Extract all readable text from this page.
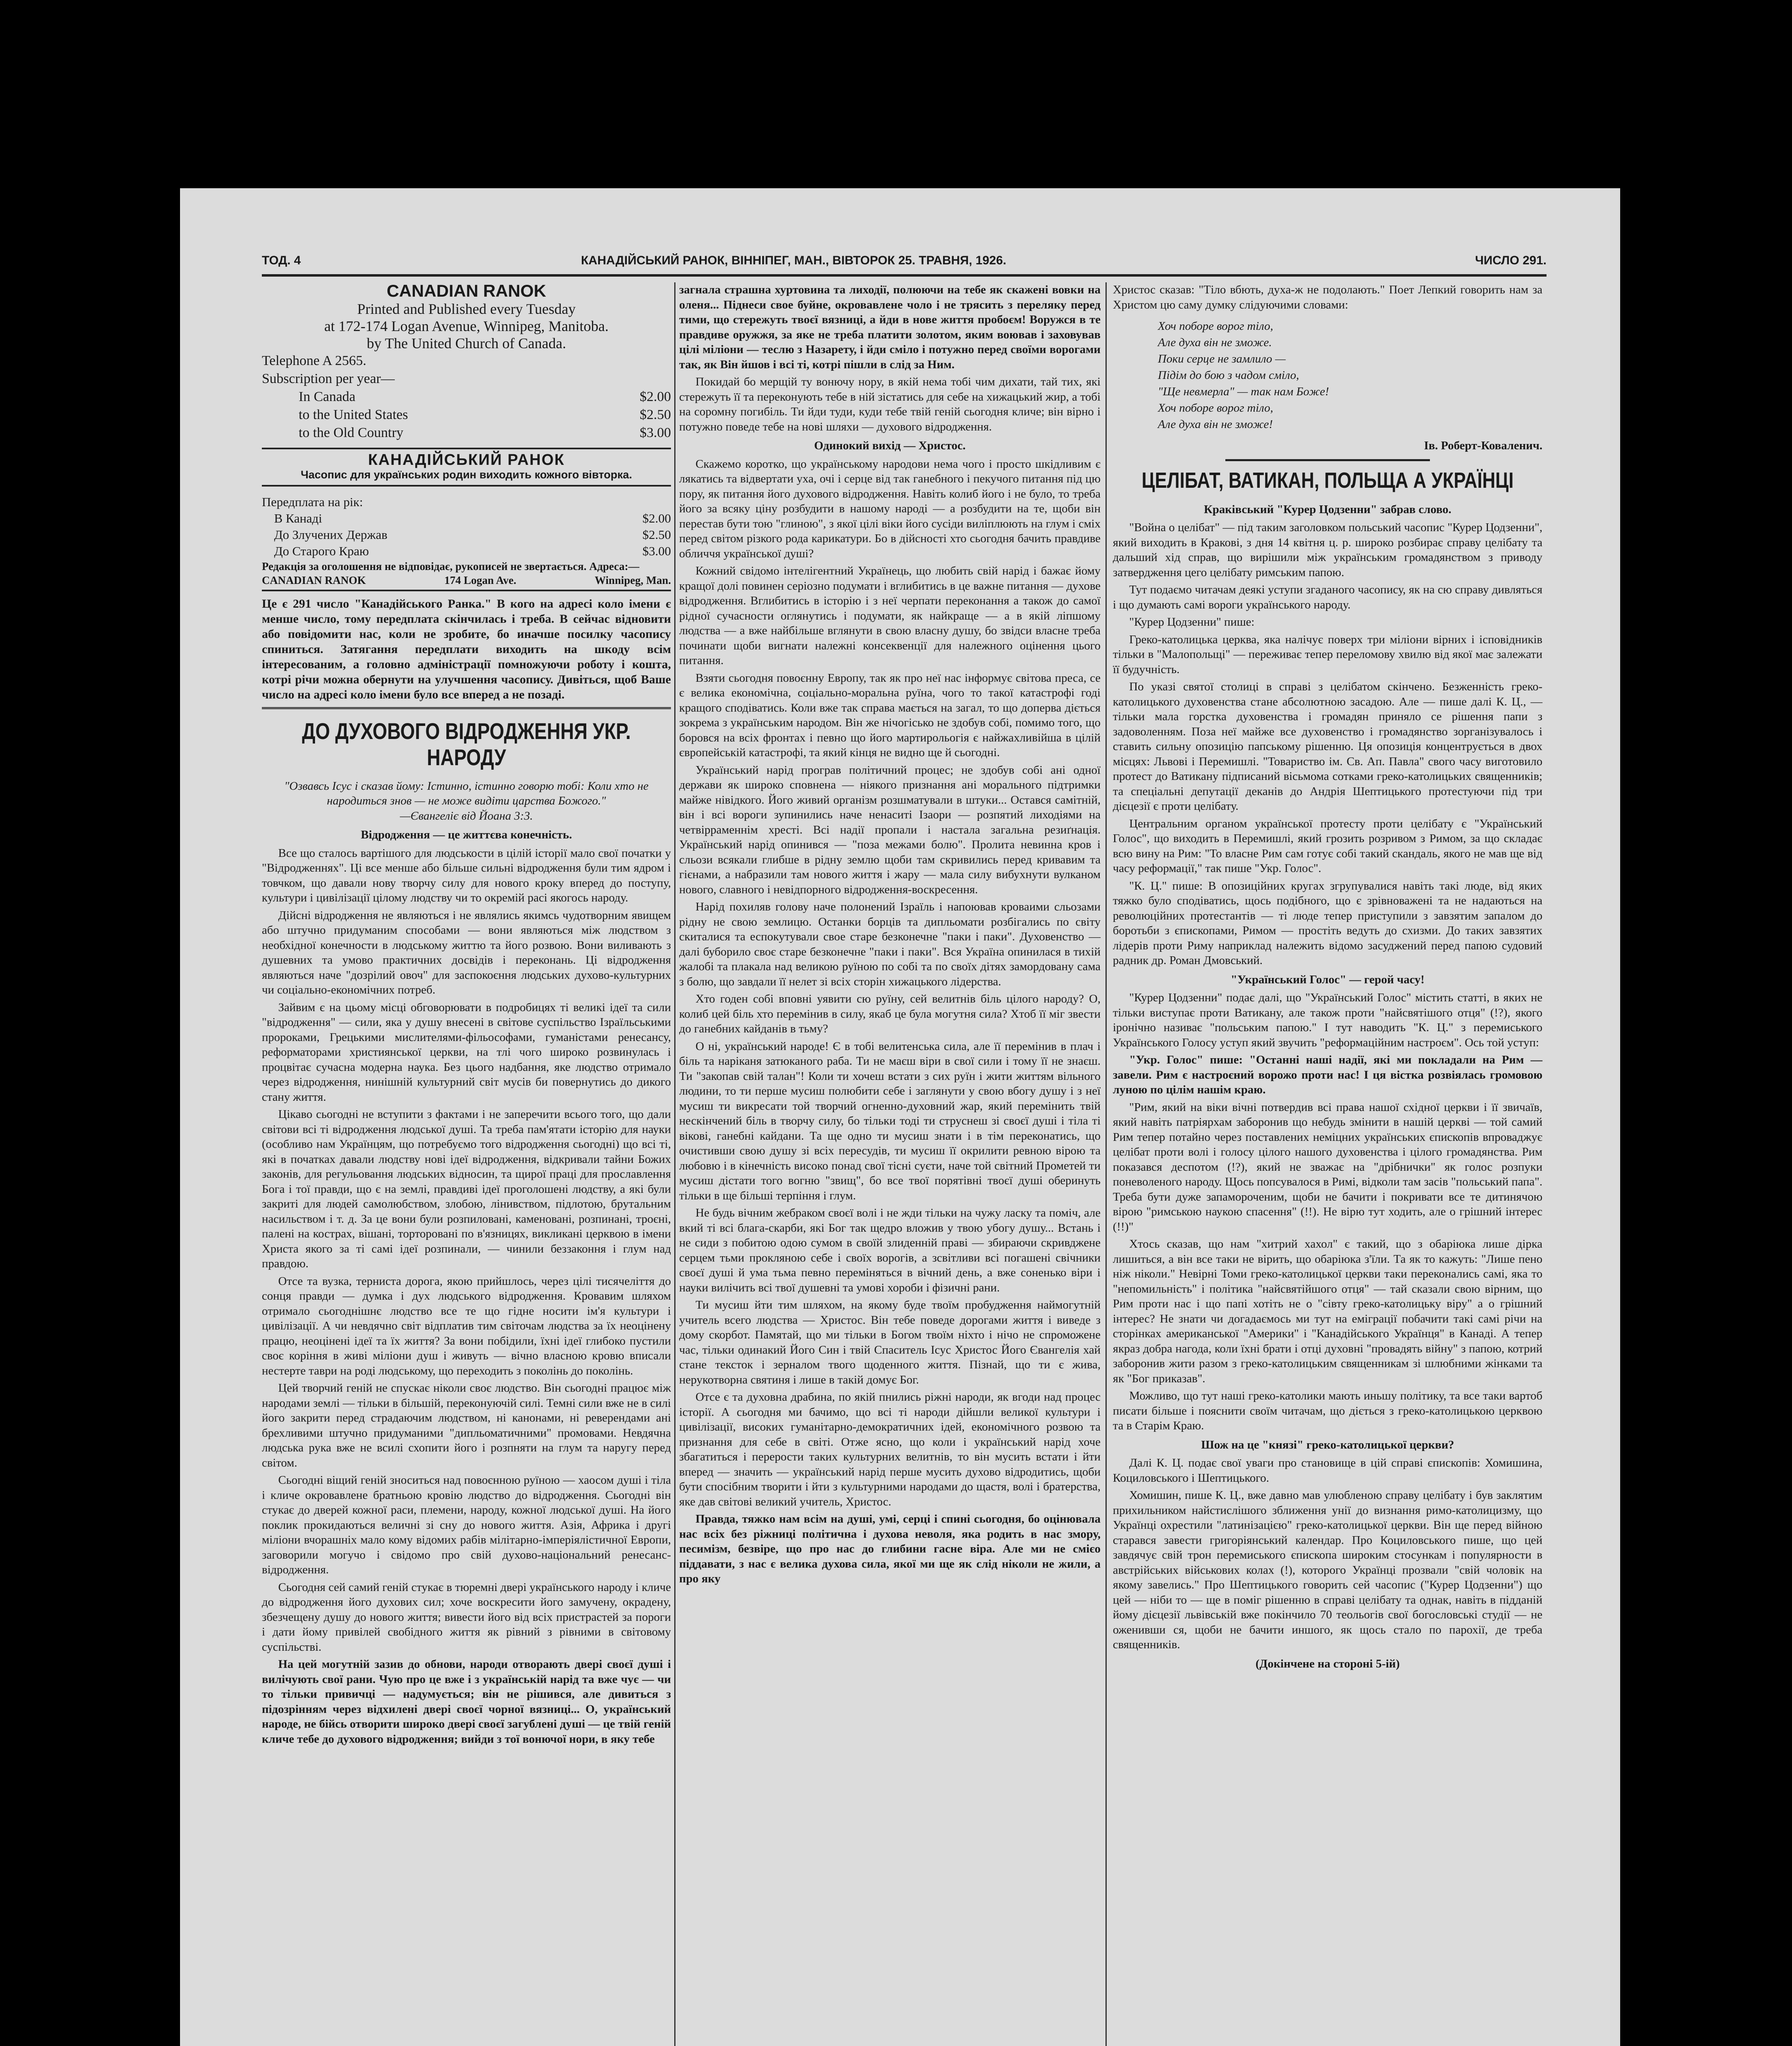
ТОД. 4	КАНАДІЙСЬКИЙ РАНОК, ВІННІПЕГ, МАН., ВІВТОРОК 25. ТРАВНЯ, 1926.	ЧИСЛО 291.
CANADIAN RANOK
Printed and Published every Tuesday
at 172-174 Logan Avenue, Winnipeg, Manitoba.
by The United Church of Canada.
Telephone A 2565.
Subscription per year—
In Canada	$2.00
to the United States	$2.50
to the Old Country	$3.00
КАНАДІЙСЬКИЙ РАНОК
Часопис для українських родин виходить кожного вівторка.
Передплата на рік:
В Канаді	$2.00
До Злучених Держав	$2.50
До Старого Краю	$3.00
Редакція за оголошення не відповідає, рукописей не звертається. Адреса:—
CANADIAN RANOK	174 Logan Ave.	Winnipeg, Man.
Це є 291 число "Канадійського Ранка." В кого на адресі коло імени є менше число, тому передплата скінчилась і треба. В сейчас відновити або повідомити нас, коли не зробите, бо иначше посилку часопису спиниться. Затягання передплати виходить на шкоду всім інтересованим, а головно адміністрації помножуючи роботу і кошта, котрі річи можна обернути на улучшення часопису. Дивіться, щоб Ваше число на адресі коло імени було все вперед а не позаді.
ДО ДУХОВОГО ВІДРОДЖЕННЯ УКР. НАРОДУ
"Озвавсь Ісус і сказав йому: Істинно, істинно говорю тобі: Коли хто не народиться знов — не може видіти царства Божого."
—Євангеліє від Йоана 3:3.

Відродження — це життєва конечність.

Все що сталось вартішого для людськости в цілій історії мало свої початки у "Відродженнях". Ці все менше або більше сильні відродження були тим ядром і товчком, що давали нову творчу силу для нового кроку вперед до поступу, культури і цивілізації цілому людству чи то окремій расі якогось народу.

Дійсні відродження не являються і не являлись якимсь чудотворним явищем або штучно придуманим способами — вони являються між людством з необхідної конечности в людському життю та його розвою. Вони виливають з душевних та умово практичних досвідів і переконань. Ці відродження являються наче "дозрілий овоч" для заспокоєння людських духово-культурних чи соціально-економічних потреб.

Зайвим є на цьому місці обговорювати в подробицях ті великі ідеї та сили "відродження" — сили, яка у душу внесені в світове суспільство Ізраїльськими пророками, Грецькими мислителями-фільософами, гуманістами ренесансу, реформаторами християнської церкви, на тлі чого широко розвинулась і процвітає сучасна модерна наука. Без цього надбання, яке людство отримало через відродження, нинішній культурний світ мусів би повернутись до дикого стану життя.

Цікаво сьогодні не вступити з фактами і не заперечити всього того, що дали світови всі ті відродження людської душі. Та треба пам'ятати історію для науки (особливо нам Українцям, що потребуємо того відродження сьогодні) що всі ті, які в початках давали людству нові ідеї відродження, відкривали тайни Божих законів, для регульовання людських відносин, та щирої праці для прославлення Бога і тої правди, що є на землі, правдиві ідеї проголошені людству, а які були закриті для людей самолюбством, злобою, лінивством, підлотою, брутальним насильством і т. д. За це вони були розпиловані, каменовані, розпинані, троєні, палені на кострах, вішані, торторовані по в'язницях, викликані церквою в імени Христа якого за ті самі ідеї розпинали, — чинили беззаконня і глум над правдою.

Отсе та вузка, терниста дорога, якою прийшлось, через цілі тисячеліття до сонця правди — думка і дух людського відродження. Кровавим шляхом отримало сьогоднішнє людство все те що гідне носити ім'я культури і цивілізації. А чи невдячно світ відплатив тим світочам людства за їх неоцінену працю, неоцінені ідеї та їх життя? За вони побідили, їхні ідеї глибоко пустили своє коріння в живі міліони душ і живуть — вічно власною кровю вписали нестерте таври на роді людському, що переходить з поколінь до поколінь.

Цей творчий геній не спускає ніколи своє людство. Він сьогодні працює між народами землі — тільки в більшій, переконуючій силі. Темні сили вже не в силі його закрити перед страдаючим людством, ні канонами, ні реверендами ані брехливими штучно придуманими "дипльоматичними" промовами. Невдячна людська рука вже не всилі схопити його і розпняти на глум та наругу перед світом.

Сьогодні віщий геній зноситься над повоєнною руїною — хаосом душі і тіла і кличе окровавлене братньою кровію людство до відродження. Сьогодні він стукає до дверей кожної раси, племени, народу, кожної людської душі. На його поклик прокидаються величні зі сну до нового життя. Азія, Африка і другі міліони вчорашніх мало кому відомих рабів мілітарно-імперіялістичної Европи, заговорили могучо і свідомо про свій духово-національний ренесанс-відродження.

Сьогодня сей самий геній стукає в тюремні двері українського народу і кличе до відродження його духових сил; хоче воскресити його замучену, окрадену, збезчещену душу до нового життя; вивести його від всіх пристрастей за пороги і дати йому привілей свобідного життя як рівний з рівними в світовому суспільстві.

На цей могутній зазив до обнови, народи отворають двері своєї душі і вилічують свої рани. Чую про це вже і з українській нарід та вже чує — чи то тільки привичці — надумується; він не рішився, але дивиться з підозрінням через відхилені двері своєї чорної вязниці... О, український народе, не бійсь отворити широко двері своєї загублені душі — це твій геній кличе тебе до духового відродження; вийди з тої вонючої нори, в яку тебе

загнала страшна хуртовина та лиходії, полюючи на тебе як скажені вовки на оленя... Піднеси свое буйне, окровавлене чоло і не трясить з переляку перед тими, що стережуть твоєї вязниці, а йди в нове життя пробоєм! Воружся в те правдиве оружжя, за яке не треба платити золотом, яким воював і заховував цілі міліони — теслю з Назарету, і йди сміло і потужно перед своїми ворогами так, як Він йшов і всі ті, котрі пішли в слід за Ним.

Покидай бо мерщій ту вонючу нору, в якій нема тобі чим дихати, тай тих, які стережуть її та переконують тебе в ній зістатись для себе на хижацький жир, а тобі на соромну погибіль. Ти йди туди, куди тебе твій геній сьогодня кличе; він вірно і потужно поведе тебе на нові шляхи — духового відродження.

Одинокий вихід — Христос.

Скажемо коротко, що українському народови нема чого і просто шкідливим є лякатись та відвертати уха, очі і серце від так ганебного і пекучого питання під цю пору, як питання його духового відродження. Навіть колиб його і не було, то треба його за всяку ціну розбудити в нашому народі — а розбудити на те, щоби він перестав бути тою "глиною", з якої цілі віки його сусіди виліплюють на глум і сміх перед світом різкого рода карикатури. Бо в дійсності хто сьогодня бачить правдиве обличчя української душі?

Кожний свідомо інтелігентний Українець, що любить свій нарід і бажає йому кращої долі повинен серіозно подумати і вглибитись в це важне питання — духове відродження. Вглибитись в історію і з неї черпати переконання а також до самої рідної сучасности оглянутись і подумати, як найкраще — а в якій ліпшому людства — а вже найбільше вглянути в свою власну душу, бо звідси власне треба починати щоби вигнати належні консеквенції для належного оцінення цього питання.

Взяти сьогодня повоєнну Европу, так як про неї нас інформує світова преса, се є велика економічна, соціально-моральна руїна, чого то такої катастрофі годі кращого сподіватись. Коли вже так справа мається на загал, то що доперва діється зокрема з українським народом. Він же нічогісько не здобув собі, помимо того, що боровся на всіх фронтах і певно що його мартирольогія є найжахливійша в цілій європейській катастрофі, та який кінця не видно ще й сьогодні.

Український нарід програв політичний процес; не здобув собі ані одної держави як широко сповнена — ніякого признання ані морального підтримки майже нівідкого. Його живий організм розшматували в штуки... Остався самітній, він і всі вороги зупинились наче ненаситі Ізаори — розпятий лиходіями на четвірраменнім хресті. Всі надії пропали і настала загальна резиґнація. Український нарід опинився — "поза межами болю". Пролита невинна кров і сльози всякали глибше в рідну землю щоби там скривились перед кривавим та гієнами, а набразили там нового життя і жару — мала силу вибухнути вулканом нового, славного і невідпорного відродження-воскресення.

Нарід похиляв голову наче полонений Ізраїль і напоював кроваими сльозами рідну не свою землицю. Останки борців та дипльомати розбігались по світу скиталися та еспокутували свое старе безконечне "паки і паки". Духовенство — далі буборило своє старе безконечне "паки і паки". Вся Україна опинилася в тихій жалобі та плакала над великою руїною по собі та по своїх дітях замордовану сама з болю, що завдали її нелет зі всіх сторін хижацького лідерства.

Хто годен собі вповні уявити сю руїну, cей велитнів біль цілого народу? О, колиб цей біль хто перемінив в силу, якаб це була могутня сила? Хтоб її міг звести до ганебних кайданів в тьму?

О ні, український народе! Є в тобі велитенська сила, але її перемінив в плач і біль та наріканя затюканого раба. Ти не маєш віри в свої сили і тому її не знаєш. Ти "закопав свій талан"! Коли ти хочеш встати з сих руїн і жити життям вільного людини, то ти перше мусиш полюбити себе і заглянути у свою вбогу душу і з неї мусиш ти викресати той творчий огненно-духовний жар, який перемінить твій нескінчений біль в творчу силу, бо тільки тоді ти струснеш зі своєї душі і тіла ті вікові, ганебні кайдани. Та ще одно ти мусиш знати і в тім переконатись, що очистивши свою душу зі всіх пересудів, ти мусиш її окрилити ревною вірою та любовю і в кінечність високо понад свої тісні суєти, наче той світний Прометей ти мусиш дістати того вогню "звищ", бо все твої порятівні твоєї душі оберинуть тільки в ще більші терпіння і глум.

Не будь вічним жебраком своєї волі і не жди тільки на чужу ласку та поміч, але вкий ті всі блага-скарби, які Бог так щедро вложив у твою убогу душу... Встань і не сиди з побитою одою сумом в своїй злиденній праві — збираючи скривджене серцем тьми прокляною себе і своїх ворогів, а зсвітливи всі погашені свічники своєї душі й ума тьма певно переміняться в вічний день, а вже соненько віри і науки вилічить всі твої душевні та умові хороби і фізичні рани.

Ти мусиш йти тим шляхом, на якому буде твоїм пробудження наймогутній учитель всего людства — Христос. Він тебе поведе дорогами життя і виведе з дому скорбот. Памятай, що ми тільки в Богом твоїм ніхто і нічо не спроможене час, тільки одинакий Його Син і твій Спаситель Ісус Христос Його Євангелія хай стане тексток і зерналом твого щоденного життя. Пізнай, що ти є жива, нерукотворна святиня і лише в такій домує Бог.

Отсе є та духовна драбина, по якій пнились ріжні народи, як вгоди над процес історії. А сьогодня ми бачимо, що всі ті народи дійшли великої культури і цивілізації, високих гуманітарно-демократичних ідей, економічного розвою та признання для себе в світі. Отже ясно, що коли і український нарід хоче збагатиться і перерости таких культурних велитнів, то він мусить встати і йти вперед — значить — український нарід перше мусить духово відродитись, щоби бути спосібним творити і йти з культурними народами до щастя, волі і братерства, яке дав світові великий учитель, Христос.

Правда, тяжко нам всім на душі, умі, серці і спині сьогодня, бо оцінювала нас всіх без ріжниці політична і духова неволя, яка родить в нас змору, песимізм, безвіре, що про нас до глибини гасне віра. Але ми не смієо піддавати, з нас є велика духова сила, якої ми ще як слід ніколи не жили, а про яку

Христос сказав: "Тіло вбють, духа-ж не подолають." Поет Лепкий говорить нам за Христом цю саму думку слідуючими словами:

Хоч поборе ворог тіло,
Але духа він не зможе.
Поки серце не замлило —
Підім до бою з чадом сміло,
"Ще невмерла" — так нам Боже!
Хоч поборе ворог тіло,
Але духа він не зможе!
Ів. Роберт-Коваленич.
ЦЕЛІБАТ, ВАТИКАН, ПОЛЬЩА А УКРАЇНЦІ

Краківський "Курер Цодзенни" забрав слово.

"Война о целібат" — під таким заголовком польський часопис "Курер Цодзенни", який виходить в Кракові, з дня 14 квітня ц. р. широко розбирає справу целібату та дальший хід справ, що вирішили між українським громадянством з приводу затвердження цего целібату римським папою.

Тут подаємо читачам деякі уступи згаданого часопису, як на сю справу дивляться і що думають самі вороги українського народу.

"Курер Цодзенни" пише:

Греко-католицька церква, яка налічує поверх три міліони вірних і ісповідників тільки в "Малопольщі" — переживає тепер переломову хвилю від якої має залежати її будучність.

По указі святої столиці в справі з целібатом скінчено. Безженність греко-католицького духовенства стане абсолютною засадою. Але — пише далі К. Ц., — тільки мала горстка духовенства і громадян приняло се рішення папи з задоволенням. Поза неї майже все духовенство і громадянство зорганізувалось і ставить сильну опозицію папському рішенню. Ця опозиція концентрується в двох місцях: Львові і Перемишлі. "Товариство ім. Св. Ап. Павла" свого часу виготовило протест до Ватикану підписаний вісьмома сотками греко-католицьких священників; та спеціальні депутації деканів до Андрія Шептицького протестуючи під три дієцезії є проти целібату.

Центральним органом української протесту проти целібату є "Український Голос", що виходить в Перемишлі, який грозить розривом з Римом, за що складає всю вину на Рим: "То власне Рим сам готує собі такий скандаль, якого не мав ще від часу реформації," так пише "Укр. Голос".

"К. Ц." пише: В опозиційних кругах згрупувалися навіть такі люде, від яких тяжко було сподіватись, щось подібного, що є зрівноважені та не надаються на революційних протестантів — ті люде тепер приступили з завзятим запалом до боротьби з єпископами, Римом — простіть ведуть до схизми. До таких завзятих лідерів проти Риму наприклад належить відомо засуджений перед папою судовий радник др. Роман Дмовський.

"Український Голос" — герой часу!

"Курер Цодзенни" подає далі, що "Український Голос" містить статті, в яких не тільки виступає проти Ватикану, але також проти "найсвятішого отця" (!?), якого іронічно називає "польським папою." І тут наводить "К. Ц." з перемиського Українського Голосу уступ який звучить "реформаційним настроєм". Ось той уступ:

"Укр. Голос" пише: "Останні наші надії, які ми покладали на Рим — завели. Рим є настроєний ворожо проти нас! І ця вістка розвіялась громовою луною по цілім нашім краю.

"Рим, який на віки вічні потвердив всі права нашої східної церкви і її звичаїв, який навіть патріярхам заборонив що небудь змінити в нашій церкві — той самий Рим тепер потайно через поставлених неміцних українських єпископів впроваджує целібат проти волі і голосу цілого нашого духовенства і цілого громадянства. Рим показався деспотом (!?), який не зважає на "дрібнички" як голос розпуки поневоленого народу. Щось попсувалося в Римі, відколи там засів "польський папа". Треба бути дуже запамороченим, щоби не бачити і покривати все те дитинячою вірою "римською наукою спасення" (!!). Не вірю тут ходить, але о грішний інтерес (!!)"

Хтось сказав, що нам "хитрий хахол" є такий, що з обаріюка лише дірка лишиться, а він все таки не вірить, що обаріюка з'їли. Та як то кажуть: "Лише пено ніж ніколи." Невірні Томи греко-католицької церкви таки переконались самі, яка то "непомильність" і політика "найсвятійшого отця" — тай сказали свою вірним, що Рим проти нас і що папі хотіть не о "сівту греко-католицьку віру" а о грішний інтерес? Не знати чи догадаємось ми тут на еміграції побачити такі самі річи на сторінках американської "Америки" і "Канадійського Українця" в Канаді. А тепер якраз добра нагода, коли їхні брати і отці духовні "провадять війну" з папою, котрий заборонив жити разом з греко-католицьким священникам зі шлюбними жінками та як "Бог приказав".

Можливо, що тут наші греко-католики мають иньшу політику, та все таки вартоб писати більше і пояснити своїм читачам, що діється з греко-католицькою церквою та в Старім Краю.

Шож на це "князі" греко-католицької церкви?

Далі К. Ц. подає свої уваги про становище в цій справі єпископів: Хомишина, Коцилoвського і Шептицького.

Хомишин, пише К. Ц., вже давно мав улюбленою справу целібату і був заклятим прихильником найстислішого зближення унії до визнання римо-католицизму, що Українці охрестили "латинізацією" греко-католицької церкви. Він ще перед війною старався завести григоріянський календар. Про Коцилoвського пише, що цей завдячує свій трон перемиського єпископа широким стосункам і популярности в австрійських військових колах (!), которого Українці прозвали "свій чоловік на якому завелись." Про Шептицького говорить сей часопис ("Курер Цодзенни") що цей — ніби то — ще в поміг рішенню в справі целібату та однак, навіть в підданій йому дієцезії львівській вже покінчило 70 теольогів свої богословські студії — не оженивши ся, щоби не бачити иншого, як щось стало по парохії, де треба священників.

(Докінчене на стороні 5-ій)
